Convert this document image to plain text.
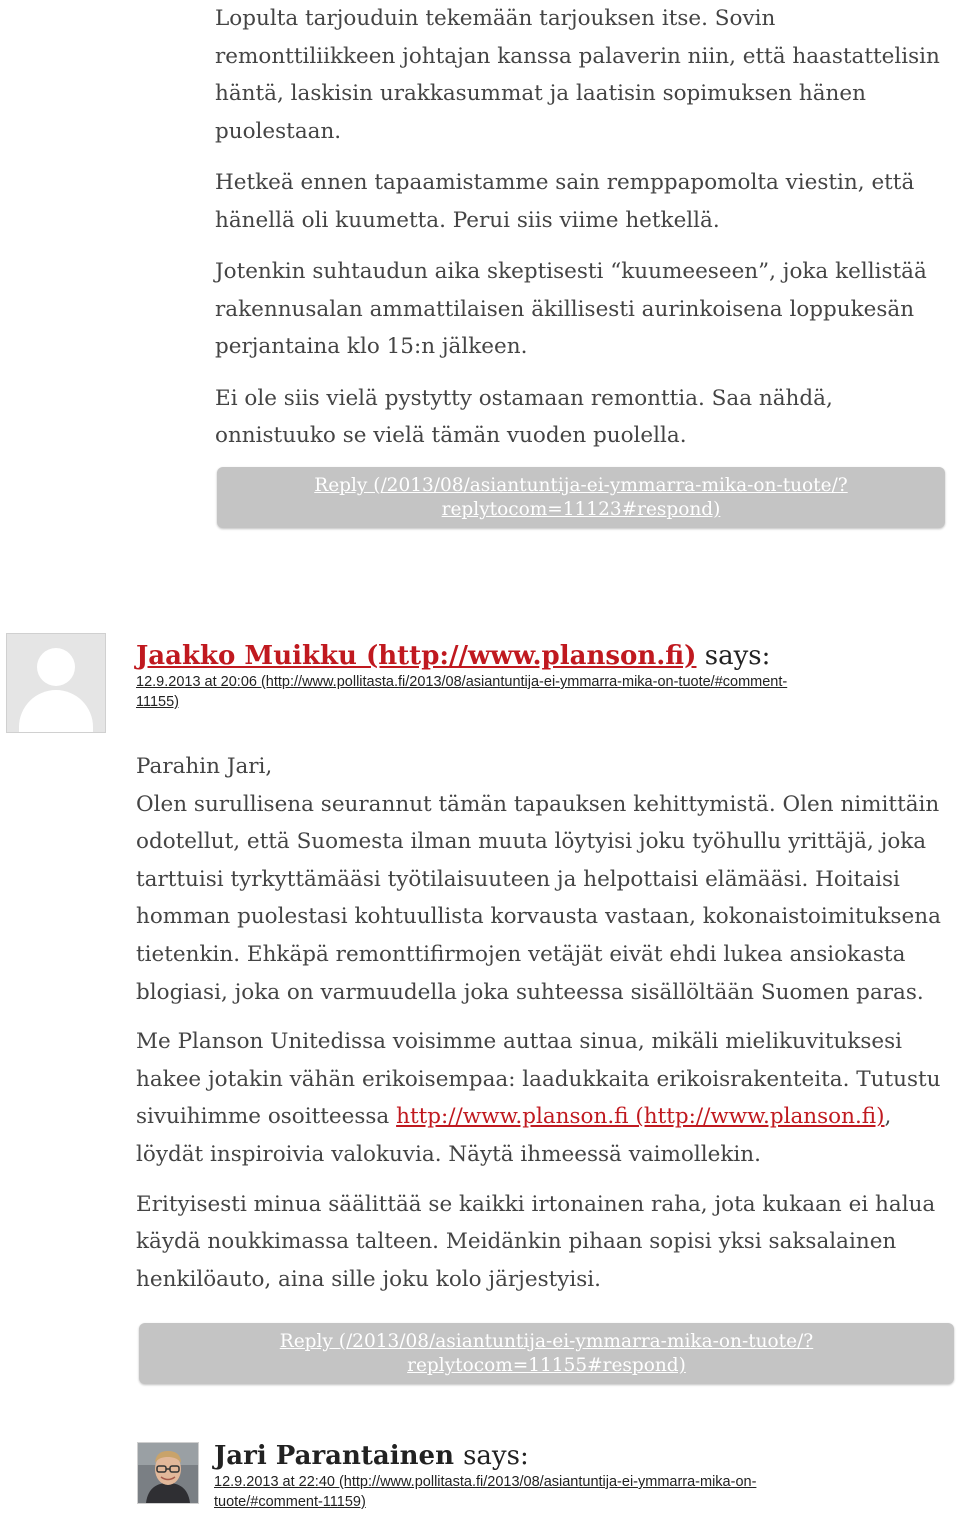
Lopulta tarjouduin tekemään tarjouksen itse. Sovin remonttiliikkeen johtajan kanssa palaverin niin, että haastattelisin häntä, laskisin urakkasummat ja laatisin sopimuksen hänen puolestaan.

Hetkeä ennen tapaamistamme sain remppapomolta viestin, että hänellä oli kuumetta. Perui siis viime hetkellä.

Jotenkin suhtaudun aika skeptisesti “kuumeeseen”, joka kellistää rakennusalan ammattilaisen äkillisesti aurinkoisena loppukesän perjantaina klo 15:n jälkeen.

Ei ole siis vielä pystytty ostamaan remonttia. Saa nähdä, onnistuuko se vielä tämän vuoden puolella.

Reply (/2013/08/asiantuntija-ei-ymmarra-mika-on-tuote/?
replytocom=11123#respond)
Jaakko Muikku (http://www.planson.fi) says:
12.9.2013 at 20:06 (http://www.pollitasta.fi/2013/08/asiantuntija-ei-ymmarra-mika-on-tuote/#comment-
11155)

Parahin Jari,

Olen surullisena seurannut tämän tapauksen kehittymistä. Olen nimittäin odotellut, että Suomesta ilman muuta löytyisi joku työhullu yrittäjä, joka tarttuisi tyrkyttämääsi työtilaisuuteen ja helpottaisi elämääsi. Hoitaisi homman puolestasi kohtuullista korvausta vastaan, kokonaistoimituksena tietenkin. Ehkäpä remonttifirmojen vetäjät eivät ehdi lukea ansiokasta blogiasi, joka on varmuudella joka suhteessa sisällöltään Suomen paras.

Me Planson Unitedissa voisimme auttaa sinua, mikäli mielikuvituksesi hakee jotakin vähän erikoisempaa: laadukkaita erikoisrakenteita. Tutustu sivuihimme osoitteessa http://www.planson.fi (http://www.planson.fi), löydät inspiroivia valokuvia. Näytä ihmeessä vaimollekin.

Erityisesti minua säälittää se kaikki irtonainen raha, jota kukaan ei halua käydä noukkimassa talteen. Meidänkin pihaan sopisi yksi saksalainen henkilöauto, aina sille joku kolo järjestyisi.

Reply (/2013/08/asiantuntija-ei-ymmarra-mika-on-tuote/?
replytocom=11155#respond)
Jari Parantainen says:
12.9.2013 at 22:40 (http://www.pollitasta.fi/2013/08/asiantuntija-ei-ymmarra-mika-on-
tuote/#comment-11159)
